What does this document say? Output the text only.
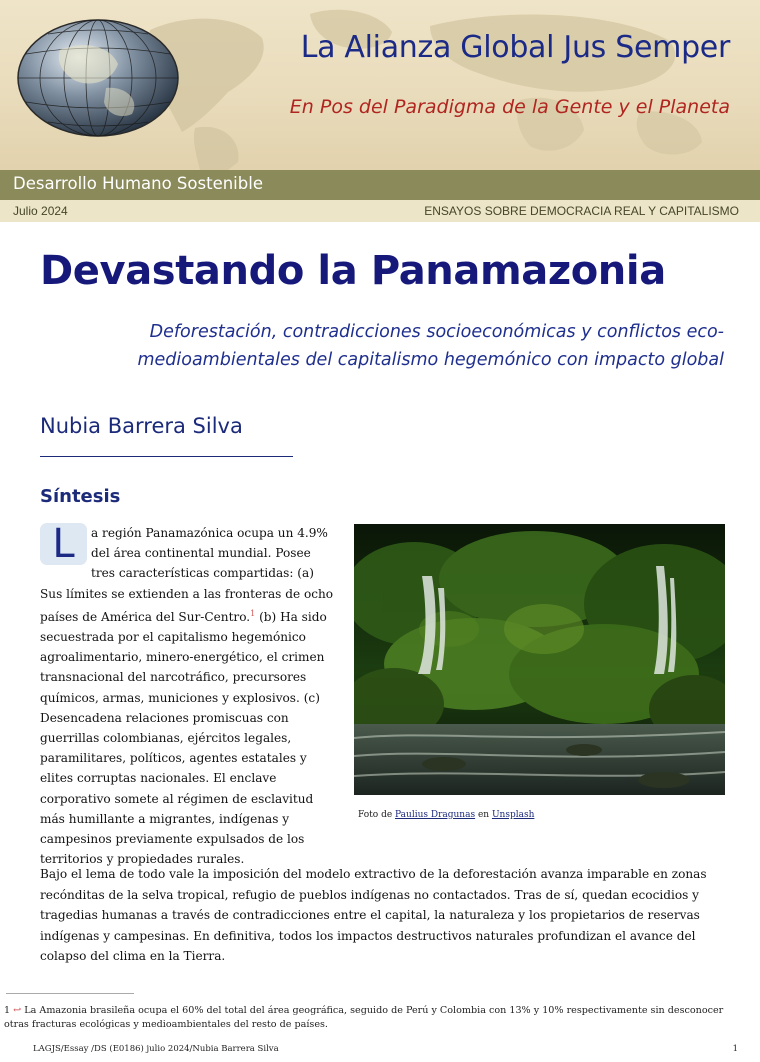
La Alianza Global Jus Semper
En Pos del Paradigma de la Gente y el Planeta
Desarrollo Humano Sostenible
Julio 2024	ENSAYOS SOBRE DEMOCRACIA REAL Y CAPITALISMO
Devastando la Panamazonia
Deforestación, contradicciones socioeconómicas y conflictos eco-medioambientales del capitalismo hegemónico con impacto global
Nubia Barrera Silva
Síntesis
L	a región Panamazónica ocupa un 4.9% del área continental mundial. Posee tres características compartidas: (a) Sus límites se extienden a las fronteras de ocho países de América del Sur-Centro.$^1$ (b) Ha sido secuestrada por el capitalismo hegemónico agroalimentario, minero-energético, el crimen transnacional del narcotráfico, precursores químicos, armas, municiones y explosivos. (c) Desencadena relaciones promiscuas con guerrillas colombianas, ejércitos legales, paramilitares, políticos, agentes estatales y elites corruptas nacionales. El enclave corporativo somete al régimen de esclavitud más humillante a migrantes, indígenas y campesinos previamente expulsados de los territorios y propiedades rurales.
Foto de Paulius Dragunas en Unsplash

Bajo el lema de todo vale la imposición del modelo extractivo de la deforestación avanza imparable en zonas recónditas de la selva tropical, refugio de pueblos indígenas no contactados. Tras de sí, quedan ecocidios y tragedias humanas a través de contradicciones entre el capital, la naturaleza y los propietarios de reservas indígenas y campesinas. En definitiva, todos los impactos destructivos naturales profundizan el avance del colapso del clima en la Tierra.

1 ↩ La Amazonia brasileña ocupa el 60% del total del área geográfica, seguido de Perú y Colombia con 13% y 10% respectivamente sin desconocer otras fracturas ecológicas y medioambientales del resto de países.
LAGJS/Essay /DS (E0186) julio 2024/Nubia Barrera Silva	1
